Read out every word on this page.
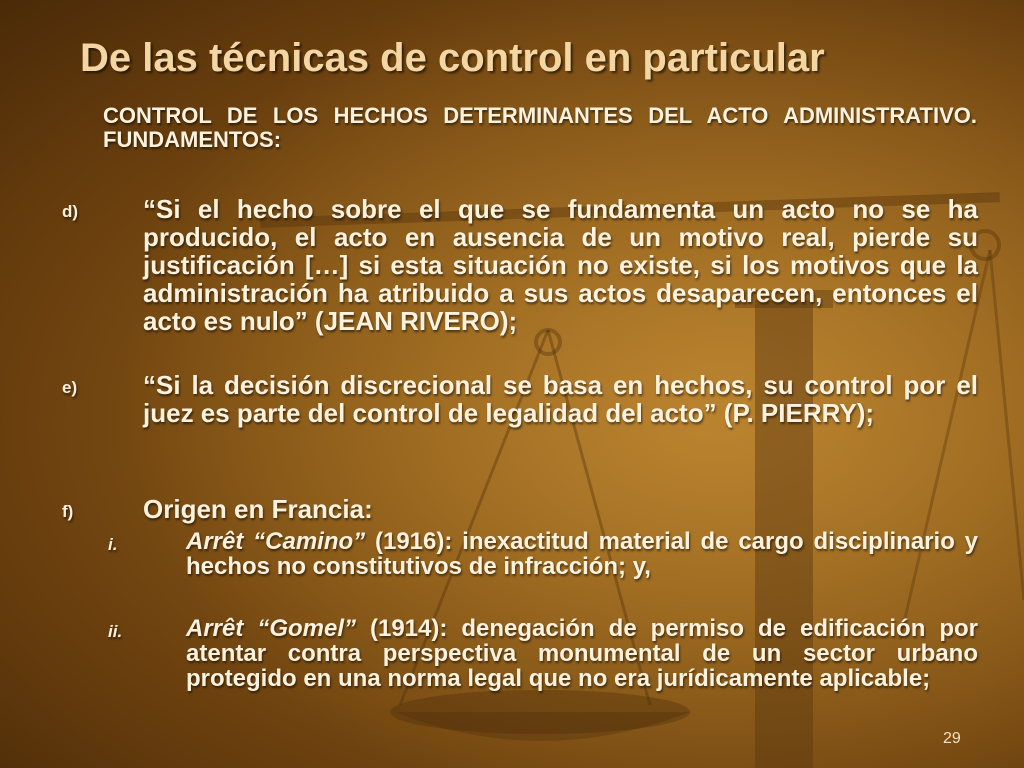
De las técnicas de control en particular
CONTROL DE LOS HECHOS DETERMINANTES DEL ACTO ADMINISTRATIVO. FUNDAMENTOS:
d) “Si el hecho sobre el que se fundamenta un acto no se ha producido, el acto en ausencia de un motivo real, pierde su justificación […] si esta situación no existe, si los motivos que la administración ha atribuido a sus actos desaparecen, entonces el acto es nulo” (JEAN RIVERO);
e)	“Si la decisión discrecional se basa en hechos, su control por el juez es parte del control de legalidad del acto” (P. PIERRY);
f)	Origen en Francia:
i.	Arrêt “Camino” (1916): inexactitud material de cargo disciplinario y hechos no constitutivos de infracción; y,
ii.	Arrêt “Gomel” (1914): denegación de permiso de edificación por atentar contra perspectiva monumental de un sector urbano protegido en una norma legal que no era jurídicamente aplicable;
29
